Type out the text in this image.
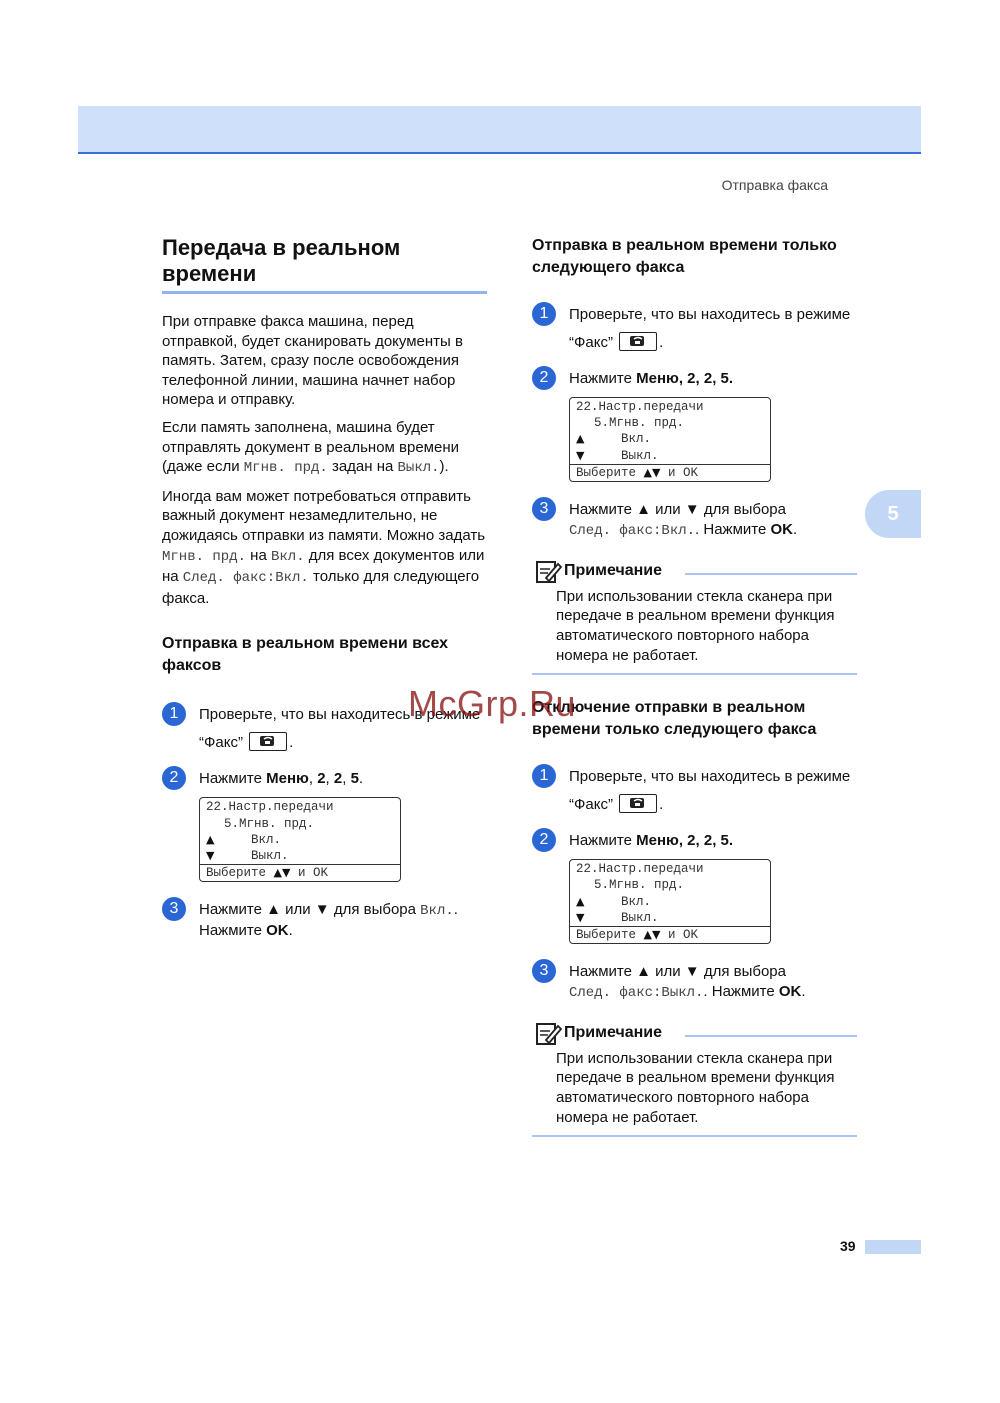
Отправка факса
5
39
Передача в реальном времени

При отправке факса машина, перед отправкой, будет сканировать документы в память. Затем, сразу после освобождения телефонной линии, машина начнет набор номера и отправку.

Если память заполнена, машина будет отправлять документ в реальном времени (даже если Мгнв. прд. задан на Выкл.).

Иногда вам может потребоваться отправить важный документ незамедлительно, не дожидаясь отправки из памяти. Можно задать Мгнв. прд. на Вкл. для всех документов или на След. факс:Вкл. только для следующего факса.

Отправка в реальном времени всех факсов
1	Проверьте, что вы находитесь в режиме “Факс”	.
2	Нажмите Меню, 2, 2, 5.
22.Настр.передачи
5.Мгнв. прд.
▲	Вкл.
▼	Выкл.
Выберите ▲▼ и OK
3	Нажмите ▲ или ▼ для выбора Вкл..
Нажмите OK.
Отправка в реальном времени только следующего факса
1	Проверьте, что вы находитесь в режиме “Факс”	.
2	Нажмите Меню, 2, 2, 5.
22.Настр.передачи
5.Мгнв. прд.
▲	Вкл.
▼	Выкл.
Выберите ▲▼ и OK
3	Нажмите ▲ или ▼ для выбора
След. факс:Вкл.. Нажмите OK.
Примечание
При использовании стекла сканера при передаче в реальном времени функция автоматического повторного набора номера не работает.
Отключение отправки в реальном времени только следующего факса
1	Проверьте, что вы находитесь в режиме “Факс”	.
2	Нажмите Меню, 2, 2, 5.
22.Настр.передачи
5.Мгнв. прд.
▲	Вкл.
▼	Выкл.
Выберите ▲▼ и OK
3	Нажмите ▲ или ▼ для выбора
След. факс:Выкл.. Нажмите OK.
Примечание
При использовании стекла сканера при передаче в реальном времени функция автоматического повторного набора номера не работает.
McGrp.Ru
